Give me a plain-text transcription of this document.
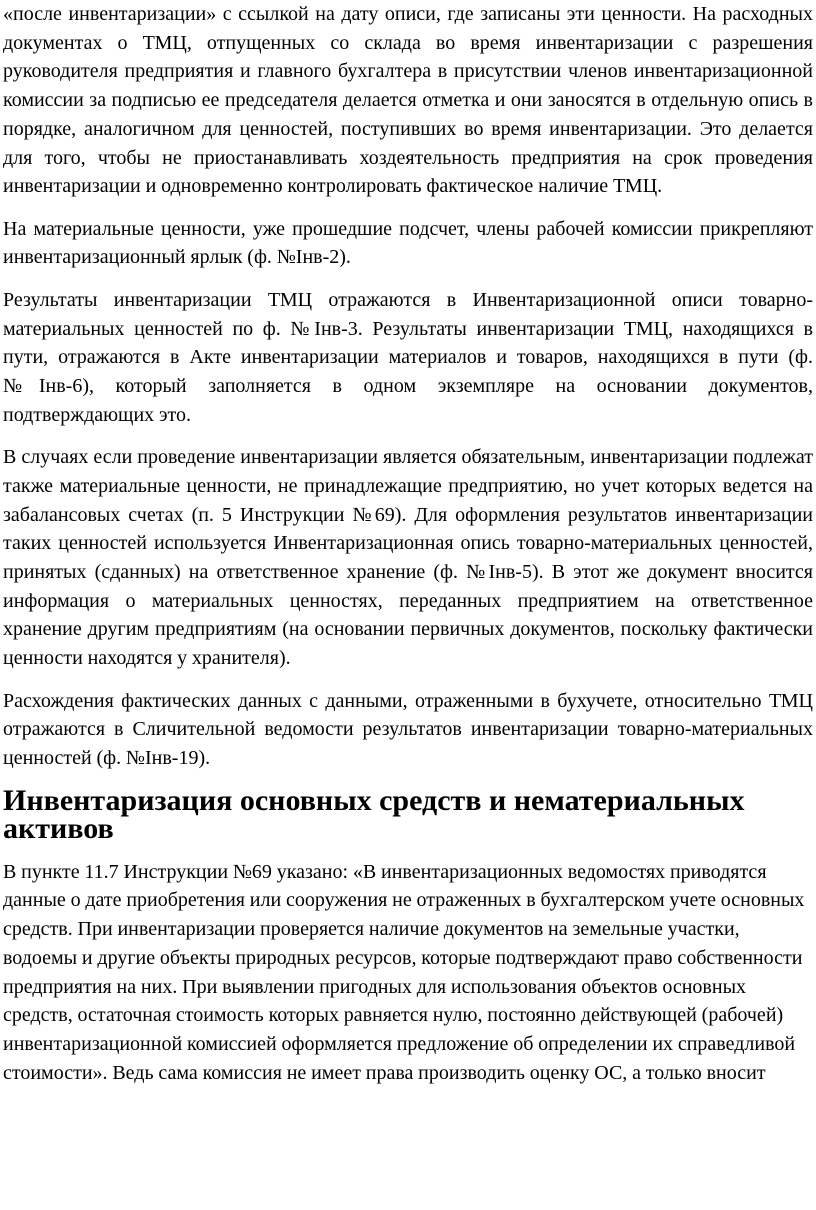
«после инвентаризации» с ссылкой на дату описи, где записаны эти ценности. На расходных документах о ТМЦ, отпущенных со склада во время инвентаризации с разрешения руководителя предприятия и главного бухгалтера в присутствии членов инвентаризационной комиссии за подписью ее председателя делается отметка и они заносятся в отдельную опись в порядке, аналогичном для ценностей, поступивших во время инвентаризации. Это делается для того, чтобы не приостанавливать хоздеятельность предприятия на срок проведения инвентаризации и одновременно контролировать фактическое наличие ТМЦ.

На материальные ценности, уже прошедшие подсчет, члены рабочей комиссии прикрепляют инвентаризационный ярлык (ф. №Інв-2).

Результаты инвентаризации ТМЦ отражаются в Инвентаризационной описи товарно-материальных ценностей по ф. №Інв-3. Результаты инвентаризации ТМЦ, находящихся в пути, отражаются в Акте инвентаризации материалов и товаров, находящихся в пути (ф. №Інв-6), который заполняется в одном экземпляре на основании документов, подтверждающих это.

В случаях если проведение инвентаризации является обязательным, инвентаризации подлежат также материальные ценности, не принадлежащие предприятию, но учет которых ведется на забалансовых счетах (п. 5 Инструкции №69). Для оформления результатов инвентаризации таких ценностей используется Инвентаризационная опись товарно-материальных ценностей, принятых (сданных) на ответственное хранение (ф. №Інв-5). В этот же документ вносится информация о материальных ценностях, переданных предприятием на ответственное хранение другим предприятиям (на основании первичных документов, поскольку фактически ценности находятся у хранителя).

Расхождения фактических данных с данными, отраженными в бухучете, относительно ТМЦ отражаются в Сличительной ведомости результатов инвентаризации товарно-материальных ценностей (ф. №Інв-19).

Инвентаризация основных средств и нематериальных активов

В пункте 11.7 Инструкции №69 указано: «В инвентаризационных ведомостях приводятся данные о дате приобретения или сооружения не отраженных в бухгалтерском учете основных средств. При инвентаризации проверяется наличие документов на земельные участки, водоемы и другие объекты природных ресурсов, которые подтверждают право собственности предприятия на них. При выявлении пригодных для использования объектов основных средств, остаточная стоимость которых равняется нулю, постоянно действующей (рабочей) инвентаризационной комиссией оформляется предложение об определении их справедливой стоимости». Ведь сама комиссия не имеет права производить оценку ОС, а только вносит
